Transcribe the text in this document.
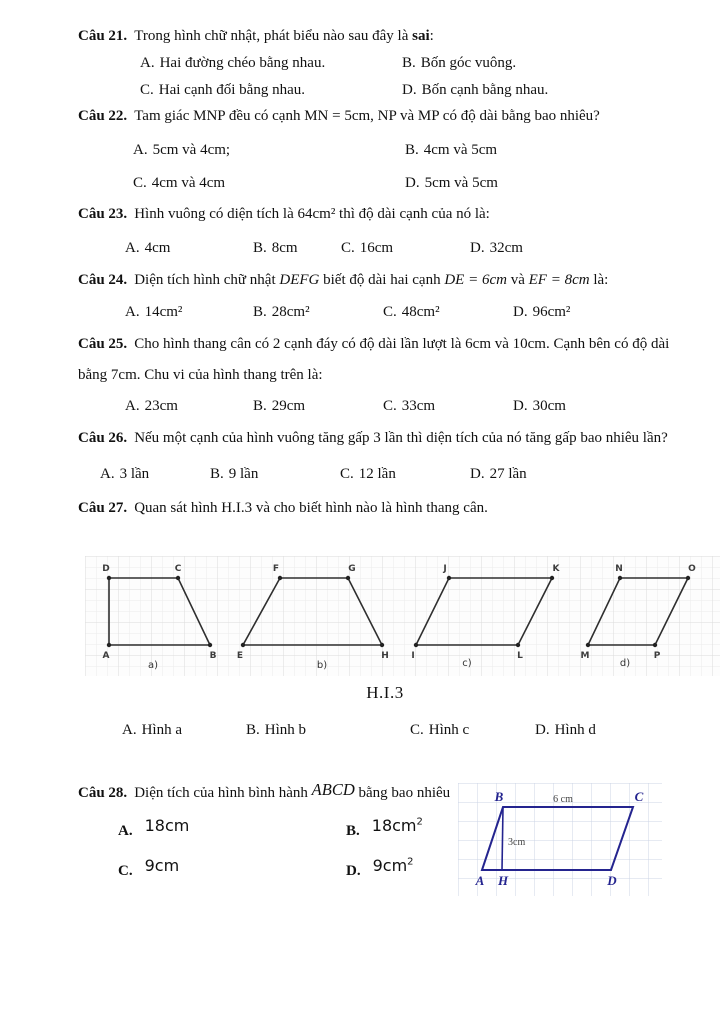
Câu 21. Trong hình chữ nhật, phát biểu nào sau đây là sai:
A. Hai đường chéo bằng nhau.	B. Bốn góc vuông.
C. Hai cạnh đối bằng nhau.	D. Bốn cạnh bằng nhau.
Câu 22. Tam giác MNP đều có cạnh MN = 5cm, NP và MP có độ dài bằng bao nhiêu?
A. 5cm và 4cm;	B. 4cm và 5cm
C. 4cm và 4cm	D. 5cm và 5cm
Câu 23. Hình vuông có diện tích là 64cm² thì độ dài cạnh của nó là:
A. 4cm	B. 8cm	C. 16cm	D. 32cm
Câu 24. Diện tích hình chữ nhật DEFG biết độ dài hai cạnh DE = 6cm và EF = 8cm là:
A. 14cm²	B. 28cm²	C. 48cm²	D. 96cm²
Câu 25. Cho hình thang cân có 2 cạnh đáy có độ dài lần lượt là 6cm và 10cm. Cạnh bên có độ dài
bằng 7cm. Chu vi của hình thang trên là:
A. 23cm	B. 29cm	C. 33cm	D. 30cm
Câu 26. Nếu một cạnh của hình vuông tăng gấp 3 lần thì diện tích của nó tăng gấp bao nhiêu lần?
A. 3 lần	B. 9 lần	C. 12 lần	D. 27 lần
Câu 27. Quan sát hình H.I.3 và cho biết hình nào là hình thang cân.
D	C
A	B
a)
F	G
E	H
b)
J	K
I	L
c)
N	O
M	P
d)
H.I.3
A. Hình a	B. Hình b	C. Hình c	D. Hình d
Câu 28. Diện tích của hình bình hành ABCD bằng bao nhiêu
A. 18cm	B. $18cm^2$
C. 9cm	D. $9cm^2$
B	C
A H	D
6 cm
3cm
